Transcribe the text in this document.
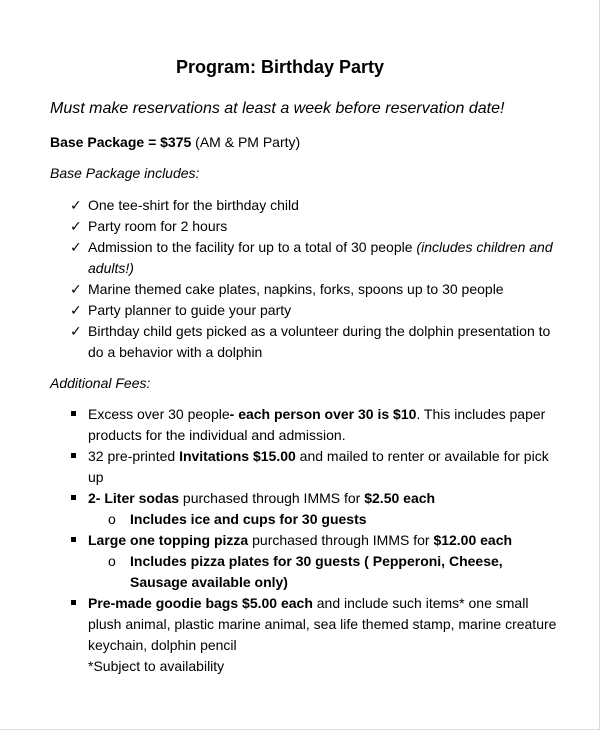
Program: Birthday Party
Must make reservations at least a week before reservation date!
Base Package = $375 (AM & PM Party)
Base Package includes:
✓ One tee-shirt for the birthday child
✓ Party room for 2 hours
✓ Admission to the facility for up to a total of 30 people (includes children and adults!)
✓ Marine themed cake plates, napkins, forks, spoons up to 30 people
✓ Party planner to guide your party
✓ Birthday child gets picked as a volunteer during the dolphin presentation to do a behavior with a dolphin
Additional Fees:
Excess over 30 people- each person over 30 is $10. This includes paper products for the individual and admission.
32 pre-printed Invitations $15.00 and mailed to renter or available for pick up
2- Liter sodas purchased through IMMS for $2.50 each
o Includes ice and cups for 30 guests
Large one topping pizza purchased through IMMS for $12.00 each
o Includes pizza plates for 30 guests ( Pepperoni, Cheese, Sausage available only)
Pre-made goodie bags $5.00 each and include such items* one small plush animal, plastic marine animal, sea life themed stamp, marine creature keychain, dolphin pencil
*Subject to availability
